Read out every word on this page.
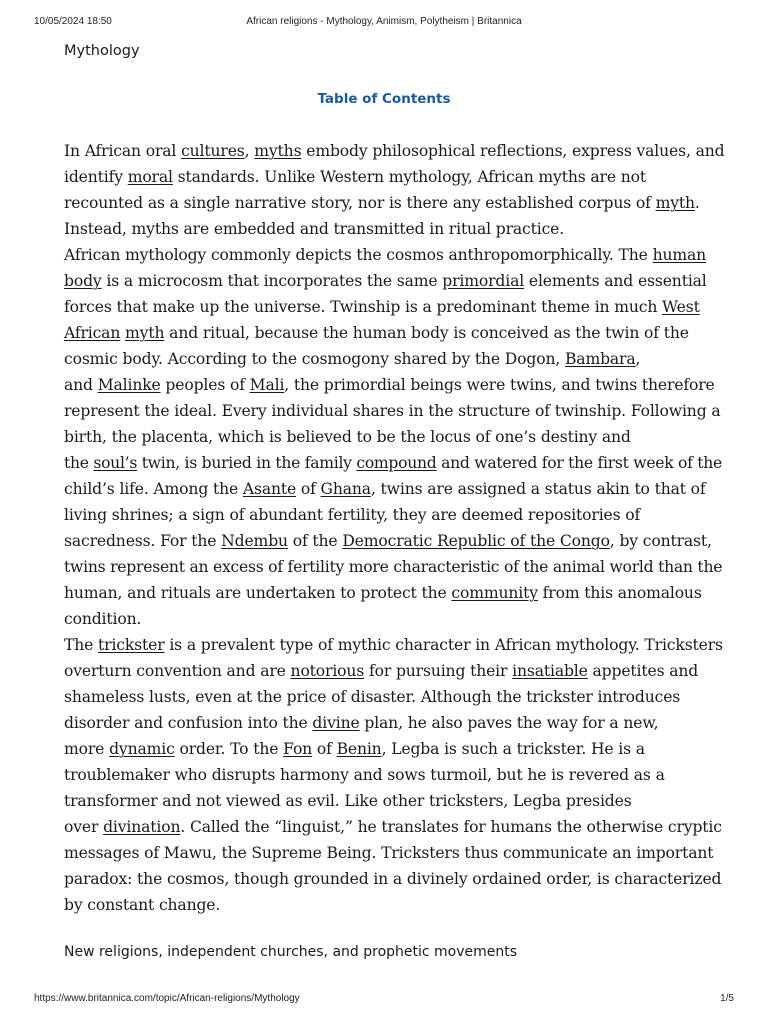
10/05/2024 18:50	African religions - Mythology, Animism, Polytheism | Britannica
Mythology
Table of Contents

In African oral cultures, myths embody philosophical reflections, express values, and
identify moral standards. Unlike Western mythology, African myths are not
recounted as a single narrative story, nor is there any established corpus of myth.
Instead, myths are embedded and transmitted in ritual practice.

African mythology commonly depicts the cosmos anthropomorphically. The human
body is a microcosm that incorporates the same primordial elements and essential
forces that make up the universe. Twinship is a predominant theme in much West
African myth and ritual, because the human body is conceived as the twin of the
cosmic body. According to the cosmogony shared by the Dogon, Bambara,
and Malinke peoples of Mali, the primordial beings were twins, and twins therefore
represent the ideal. Every individual shares in the structure of twinship. Following a
birth, the placenta, which is believed to be the locus of one’s destiny and
the soul’s twin, is buried in the family compound and watered for the first week of the
child’s life. Among the Asante of Ghana, twins are assigned a status akin to that of
living shrines; a sign of abundant fertility, they are deemed repositories of
sacredness. For the Ndembu of the Democratic Republic of the Congo, by contrast,
twins represent an excess of fertility more characteristic of the animal world than the
human, and rituals are undertaken to protect the community from this anomalous
condition.

The trickster is a prevalent type of mythic character in African mythology. Tricksters
overturn convention and are notorious for pursuing their insatiable appetites and
shameless lusts, even at the price of disaster. Although the trickster introduces
disorder and confusion into the divine plan, he also paves the way for a new,
more dynamic order. To the Fon of Benin, Legba is such a trickster. He is a
troublemaker who disrupts harmony and sows turmoil, but he is revered as a
transformer and not viewed as evil. Like other tricksters, Legba presides
over divination. Called the “linguist,” he translates for humans the otherwise cryptic
messages of Mawu, the Supreme Being. Tricksters thus communicate an important
paradox: the cosmos, though grounded in a divinely ordained order, is characterized
by constant change.

New religions, independent churches, and prophetic movements
https://www.britannica.com/topic/African-religions/Mythology	1/5
